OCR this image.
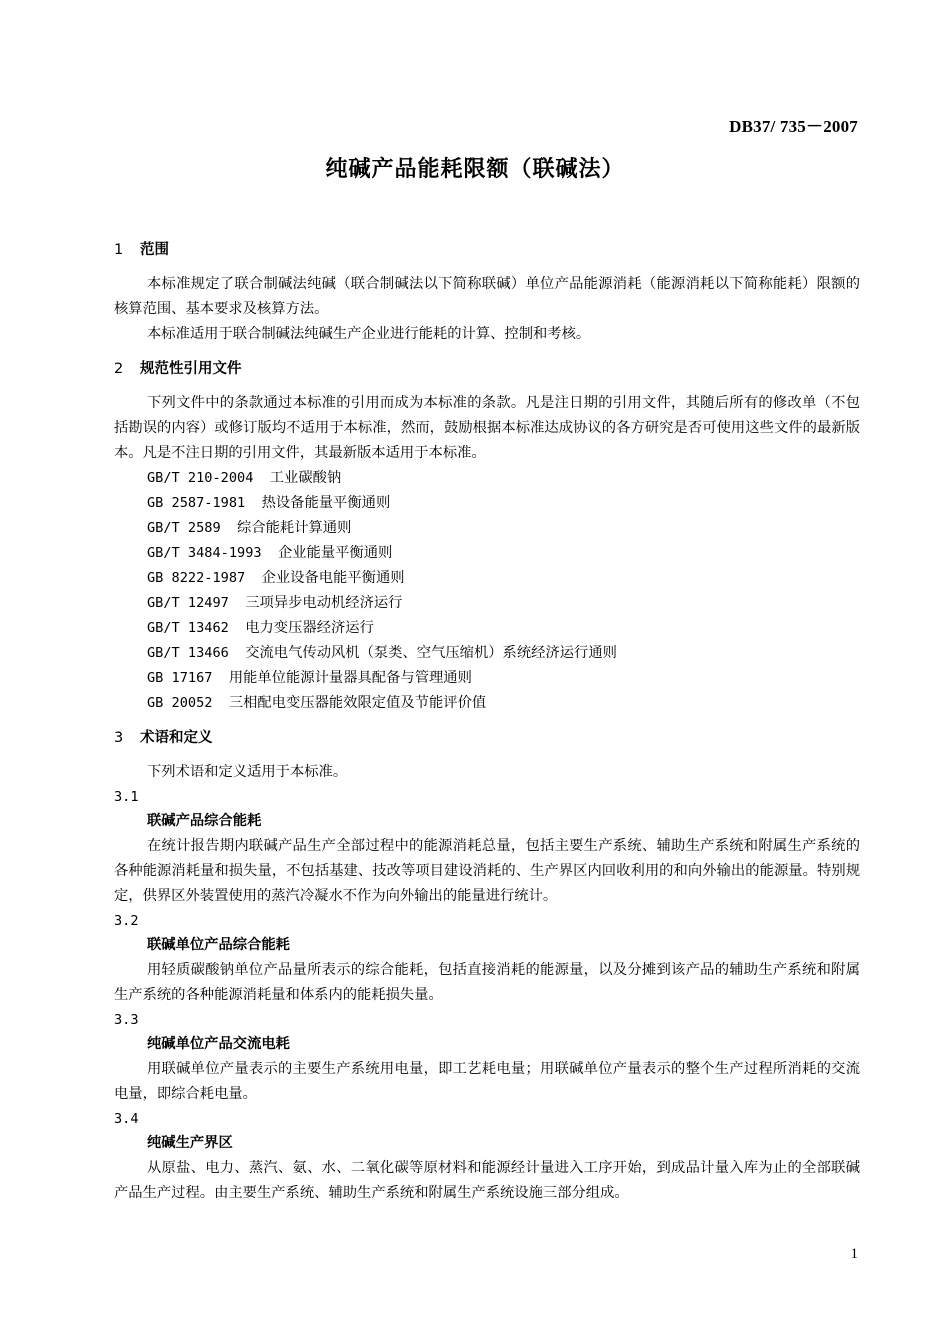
DB37/ 735－2007
纯碱产品能耗限额（联碱法）
1 范围

本标准规定了联合制碱法纯碱（联合制碱法以下简称联碱）单位产品能源消耗（能源消耗以下简称能耗）限额的核算范围、基本要求及核算方法。

本标准适用于联合制碱法纯碱生产企业进行能耗的计算、控制和考核。

2 规范性引用文件

下列文件中的条款通过本标准的引用而成为本标准的条款。凡是注日期的引用文件，其随后所有的修改单（不包括勘误的内容）或修订版均不适用于本标准，然而，鼓励根据本标准达成协议的各方研究是否可使用这些文件的最新版本。凡是不注日期的引用文件，其最新版本适用于本标准。

GB/T 210-2004  工业碳酸钠

GB 2587-1981  热设备能量平衡通则

GB/T 2589  综合能耗计算通则

GB/T 3484-1993  企业能量平衡通则

GB 8222-1987  企业设备电能平衡通则

GB/T 12497  三项异步电动机经济运行

GB/T 13462  电力变压器经济运行

GB/T 13466  交流电气传动风机（泵类、空气压缩机）系统经济运行通则

GB 17167  用能单位能源计量器具配备与管理通则

GB 20052  三相配电变压器能效限定值及节能评价值

3 术语和定义

下列术语和定义适用于本标准。

3.1

联碱产品综合能耗

在统计报告期内联碱产品生产全部过程中的能源消耗总量，包括主要生产系统、辅助生产系统和附属生产系统的各种能源消耗量和损失量，不包括基建、技改等项目建设消耗的、生产界区内回收利用的和向外输出的能源量。特别规定，供界区外装置使用的蒸汽冷凝水不作为向外输出的能量进行统计。

3.2

联碱单位产品综合能耗

用轻质碳酸钠单位产品量所表示的综合能耗，包括直接消耗的能源量，以及分摊到该产品的辅助生产系统和附属生产系统的各种能源消耗量和体系内的能耗损失量。

3.3

纯碱单位产品交流电耗

用联碱单位产量表示的主要生产系统用电量，即工艺耗电量；用联碱单位产量表示的整个生产过程所消耗的交流电量，即综合耗电量。

3.4

纯碱生产界区

从原盐、电力、蒸汽、氨、水、二氧化碳等原材料和能源经计量进入工序开始，到成品计量入库为止的全部联碱产品生产过程。由主要生产系统、辅助生产系统和附属生产系统设施三部分组成。

1
